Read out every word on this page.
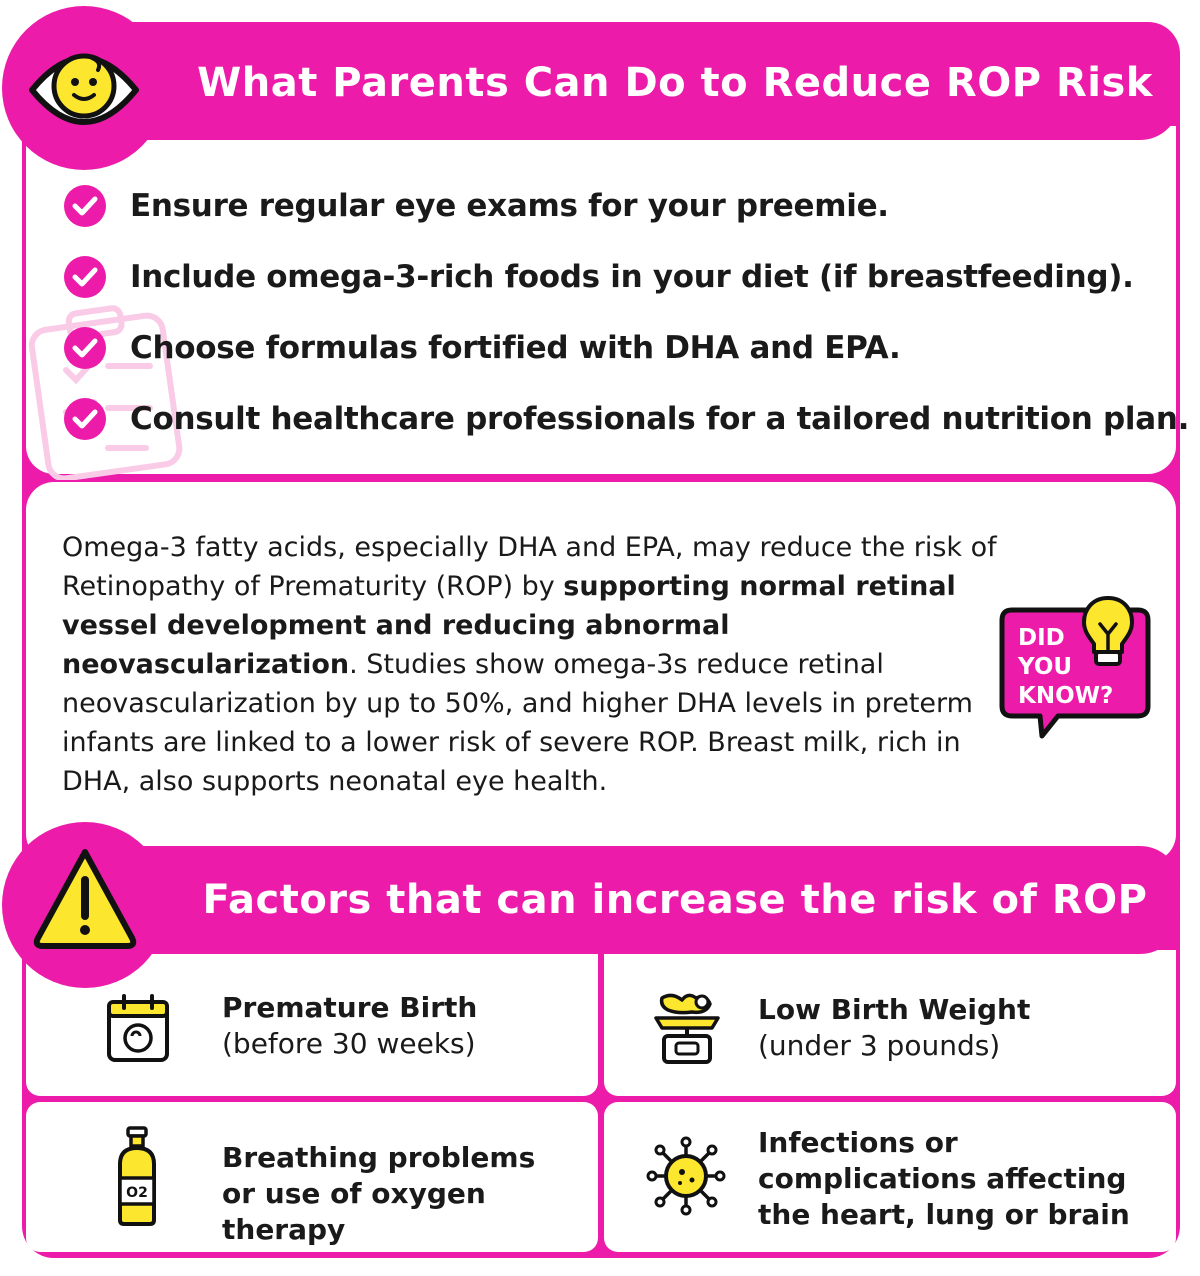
What Parents Can Do to Reduce ROP Risk
Ensure regular eye exams for your preemie.
Include omega-3-rich foods in your diet (if breastfeeding).
Choose formulas fortified with DHA and EPA.
Consult healthcare professionals for a tailored nutrition plan.
Omega-3 fatty acids, especially DHA and EPA, may reduce the risk of Retinopathy of Prematurity (ROP) by supporting normal retinal vessel development and reducing abnormal neovascularization. Studies show omega-3s reduce retinal neovascularization by up to 50%, and higher DHA levels in preterm infants are linked to a lower risk of severe ROP. Breast milk, rich in DHA, also supports neonatal eye health.
DID
YOU
KNOW?
Factors that can increase the risk of ROP
Premature Birth
(before 30 weeks)
Low Birth Weight
(under 3 pounds)
O2
Breathing problems or use of oxygen therapy
Infections or complications affecting the heart, lung or brain
